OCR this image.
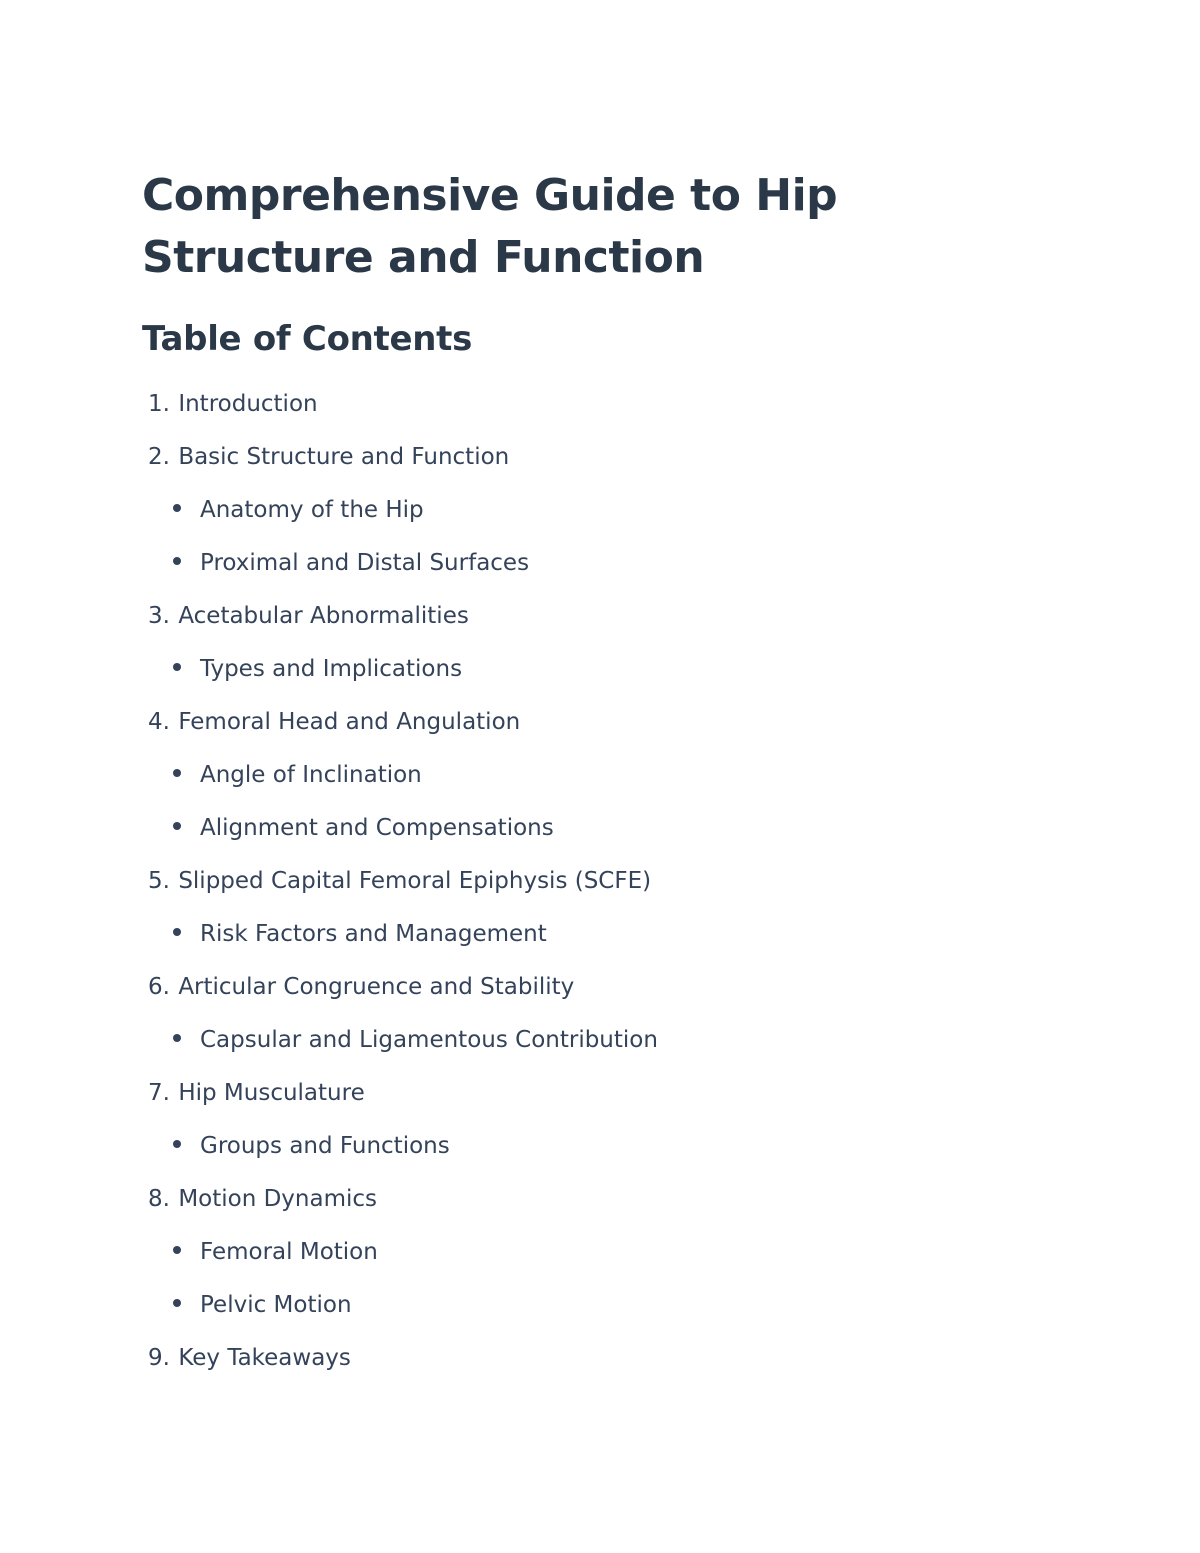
Comprehensive Guide to Hip Structure and Function
Table of Contents
1.
Introduction
2.
Basic Structure and Function
Anatomy of the Hip
Proximal and Distal Surfaces
3.
Acetabular Abnormalities
Types and Implications
4.
Femoral Head and Angulation
Angle of Inclination
Alignment and Compensations
5.
Slipped Capital Femoral Epiphysis (SCFE)
Risk Factors and Management
6.
Articular Congruence and Stability
Capsular and Ligamentous Contribution
7.
Hip Musculature
Groups and Functions
8.
Motion Dynamics
Femoral Motion
Pelvic Motion
9.
Key Takeaways
